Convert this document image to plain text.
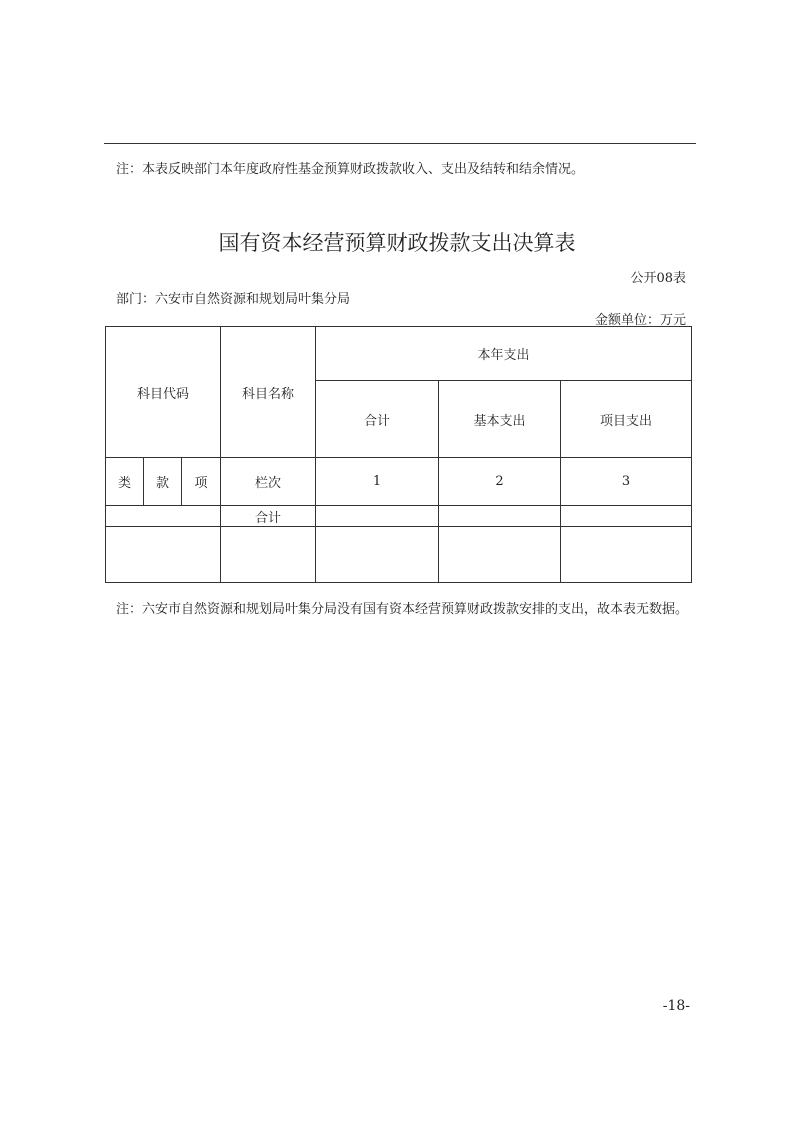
注：本表反映部门本年度政府性基金预算财政拨款收入、支出及结转和结余情况。
国有资本经营预算财政拨款支出决算表
公开08表
部门：六安市自然资源和规划局叶集分局
金额单位：万元
科目代码			科目名称	本年支出		
				合计	基本支出	项目支出
类	款	项	栏次	1	2	3
			合计			

注：六安市自然资源和规划局叶集分局没有国有资本经营预算财政拨款安排的支出，故本表无数据。
-18-
